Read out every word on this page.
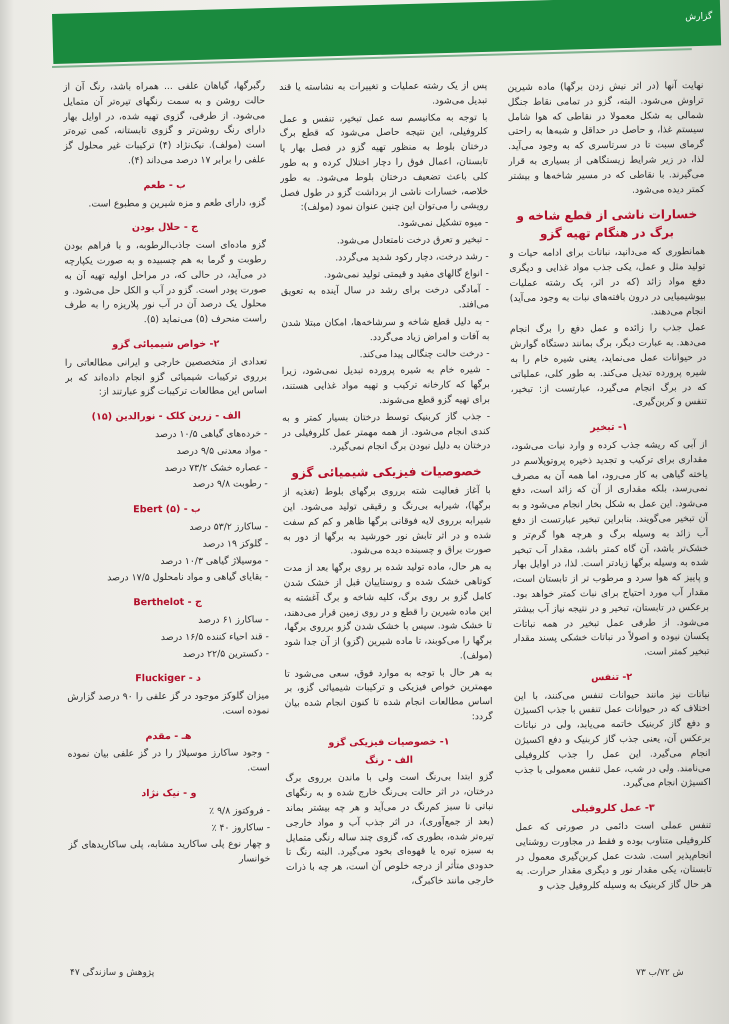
گزارش

نهایت آنها (در اثر نیش زدن برگها) ماده شیرین تراوش می‌شود. البته، گزو در تمامی نقاط جنگل شمالی به شکل معمولا در نقاطی که هوا شامل سیستم غذا، و حاصل در حداقل و شبه‌ها به راحتی گرمای سبت تا در سرتاسری که به وجود می‌آید. لذا، در زیر شرایط زیستگاهی از بسیاری به قرار می‌گیرند. با نقاطی که در مسیر شاخه‌ها و بیشتر کمتر دیده می‌شود.

خسارات ناشی از قطع شاخه و برگ در هنگام تهیه گزو

همانطوری که می‌دانید، نباتات برای ادامه حیات و تولید مثل و عمل، یکی جذب مواد غذایی و دیگری دفع مواد زائد (که در اثر، یک رشته عملیات بیوشیمیایی در درون بافته‌های نبات به وجود می‌آید) انجام می‌دهند.

عمل جذب را زائده و عمل دفع را برگ انجام می‌دهد. به عبارت دیگر، برگ بمانند دستگاه گوارش در حیوانات عمل می‌نماید، یعنی شیره خام را به شیره پرورده تبدیل می‌کند. به طور کلی، عملیاتی که در برگ انجام می‌گیرد، عبارتست از: تبخیر، تنفس و کربن‌گیری.

۱- تبخیر

از آبی که ریشه جذب کرده و وارد نبات می‌شود، مقداری برای ترکیب و تجدید ذخیره پروتوپلاسم در یاخته گیاهی به کار می‌رود، اما همه آن به مصرف نمی‌رسد، بلکه مقداری از آن که زائد است، دفع می‌شود. این عمل به شکل بخار انجام می‌شود و به آن تبخیر می‌گویند. بنابراین تبخیر عبارتست از دفع آب زائد به وسیله برگ و هرچه هوا گرم‌تر و خشک‌تر باشد، آن گاه کمتر باشد، مقدار آب تبخیر شده به وسیله برگها زیادتر است. لذا، در اوایل بهار و پاییز که هوا سرد و مرطوب تر از تابستان است، مقدار آب مورد احتیاج برای نبات کمتر خواهد بود. برعکس در تابستان، تبخیر و در نتیجه نیاز آب بیشتر می‌شود. از طرفی عمل تبخیر در همه نباتات یکسان نبوده و اصولاً در نباتات خشکی پسند مقدار تبخیر کمتر است.

۲- تنفس

نباتات نیز مانند حیوانات تنفس می‌کنند، با این اختلاف که در حیوانات عمل تنفس با جذب اکسیژن و دفع گاز کربنیک خاتمه می‌یابد، ولی در نباتات برعکس آن، یعنی جذب گاز کربنیک و دفع اکسیژن انجام می‌گیرد. این عمل را جذب کلروفیلی می‌نامند. ولی در شب، عمل تنفس معمولی با جذب اکسیژن انجام می‌گیرد.

۳- عمل کلروفیلی

تنفس عملی است دائمی در صورتی که عمل کلروفیلی متناوب بوده و فقط در مجاورت روشنایی انجام‌پذیر است. شدت عمل کربن‌گیری معمول در تابستان، یکی مقدار نور و دیگری مقدار حرارت. به هر حال گاز کربنیک به وسیله کلروفیل جذب و

پس از یک رشته عملیات و تغییرات به نشاسته یا قند تبدیل می‌شود.

با توجه به مکانیسم سه عمل تبخیر، تنفس و عمل کلروفیلی، این نتیجه حاصل می‌شود که قطع برگ درختان بلوط به منظور تهیه گزو در فصل بهار یا تابستان، اعمال فوق را دچار اختلال کرده و به طور کلی باعث تضعیف درختان بلوط می‌شود. به طور خلاصه، خسارات ناشی از برداشت گزو در طول فصل رویشی را می‌توان این چنین عنوان نمود (مولف):

- میوه تشکیل نمی‌شود.

- تبخیر و تعرق درخت نامتعادل می‌شود.

- رشد درخت، دچار رکود شدید می‌گردد.

- انواع گالهای مفید و قیمتی تولید نمی‌شود.

- آمادگی درخت برای رشد در سال آینده به تعویق می‌افتد.

- به دلیل قطع شاخه و سرشاخه‌ها، امکان مبتلا شدن به آفات و امراض زیاد می‌گردد.

- درخت حالت چنگالی پیدا می‌کند.

- شیره خام به شیره پرورده تبدیل نمی‌شود، زیرا برگها که کارخانه ترکیب و تهیه مواد غذایی هستند، برای تهیه گزو قطع می‌شوند.

- جذب گاز کربنیک توسط درختان بسیار کمتر و به کندی انجام می‌شود. از همه مهمتر عمل کلروفیلی در درختان به دلیل نبودن برگ انجام نمی‌گیرد.

خصوصیات فیزیکی شیمیائی گزو

با آغاز فعالیت شته برروی برگهای بلوط (تغذیه از برگها)، شیرابه بی‌رنگ و رقیقی تولید می‌شود. این شیرابه برروی لایه فوقانی برگها ظاهر و کم کم سفت شده و در اثر تابش نور خورشید به برگها از دور به صورت براق و چسبنده دیده می‌شود.

به هر حال، ماده تولید شده بر روی برگها بعد از مدت کوتاهی خشک شده و روستاییان قبل از خشک شدن کامل گزو بر روی برگ، کلیه شاخه و برگ آغشته به این ماده شیرین را قطع و در روی زمین قرار می‌دهند، تا خشک شود. سپس با خشک شدن گزو برروی برگها، برگها را می‌کوبند، تا ماده شیرین (گزو) از آن جدا شود (مولف).

به هر حال با توجه به موارد فوق، سعی می‌شود تا مهمترین خواص فیزیکی و ترکیبات شیمیائی گزو، بر اساس مطالعات انجام شده تا کنون انجام شده بیان گردد:

۱- خصوصیات فیزیکی گزو
الف - رنگ

گزو ابتدا بی‌رنگ است ولی با ماندن برروی برگ درختان، در اثر حالت بی‌رنگ خارج شده و به رنگهای نباتی تا سبز کم‌رنگ در می‌آید و هر چه بیشتر بماند (بعد از جمع‌آوری)، در اثر جذب آب و مواد خارجی تیره‌تر شده، بطوری که، گزوی چند ساله رنگی متمایل به سبزه تیره یا قهوه‌ای بخود می‌گیرد. البته رنگ تا حدودی متأثر از درجه خلوص آن است، هر چه با ذرات خارجی مانند خاکبرگ،

رگبرگها، گیاهان علفی ... همراه باشد، رنگ آن از حالت روشن و به سمت رنگهای تیره‌تر آن متمایل می‌شود. از طرفی، گزوی تهیه شده، در اوایل بهار دارای رنگ روشن‌تر و گزوی تابستانه، کمی تیره‌تر است (مولف). نیک‌نژاد (۴) ترکیبات غیر محلول گز علفی را برابر ۱۷ درصد می‌داند (۴).

ب - طعم

گزو، دارای طعم و مزه شیرین و مطبوع است.

ج - حلال بودن

گزو ماده‌ای است جاذب‌الرطوبه، و با فراهم بودن رطوبت و گرما به هم چسبیده و به صورت یکپارچه در می‌آید، در حالی که، در مراحل اولیه تهیه آن به صورت پودر است. گزو در آب و الکل حل می‌شود. و محلول یک درصد آن در آب نور پلاریزه را به طرف راست منحرف (۵) می‌نماید (۵).

۲- خواص شیمیائی گزو

تعدادی از متخصصین خارجی و ایرانی مطالعاتی را برروی ترکیبات شیمیائی گزو انجام داده‌اند که بر اساس این مطالعات ترکیبات گزو عبارتند از:

الف - زرین کلک - نورالدین (۱۵)

- خرده‌های گیاهی ۱۰/۵ درصد

- مواد معدنی ۹/۵ درصد

- عصاره خشک ۷۳/۲ درصد

- رطوبت ۹/۸ درصد

ب - Ebert (۵)

- ساکارز ۵۳/۲ درصد

- گلوکز ۱۹ درصد

- موسیلاژ گیاهی ۱۰/۳ درصد

- بقایای گیاهی و مواد نامحلول ۱۷/۵ درصد

ج - Berthelot

- ساکارز ۶۱ درصد

- قند احیاء کننده ۱۶/۵ درصد

- دکسترین ۲۲/۵ درصد

د - Fluckiger

میزان گلوکز موجود در گز علفی را ۹۰ درصد گزارش نموده است.

هـ - مقدم

- وجود ساکارز موسیلاژ را در گز علفی بیان نموده است.

و - نیک نژاد

- فروکتوز ۹/۸ ٪

- ساکاروز ۴۰ ٪

و چهار نوع پلی ساکارید مشابه، پلی ساکاریدهای گز خوانسار

ش ۷۲/ب ۷۳
پژوهش و سازندگی ۴۷
